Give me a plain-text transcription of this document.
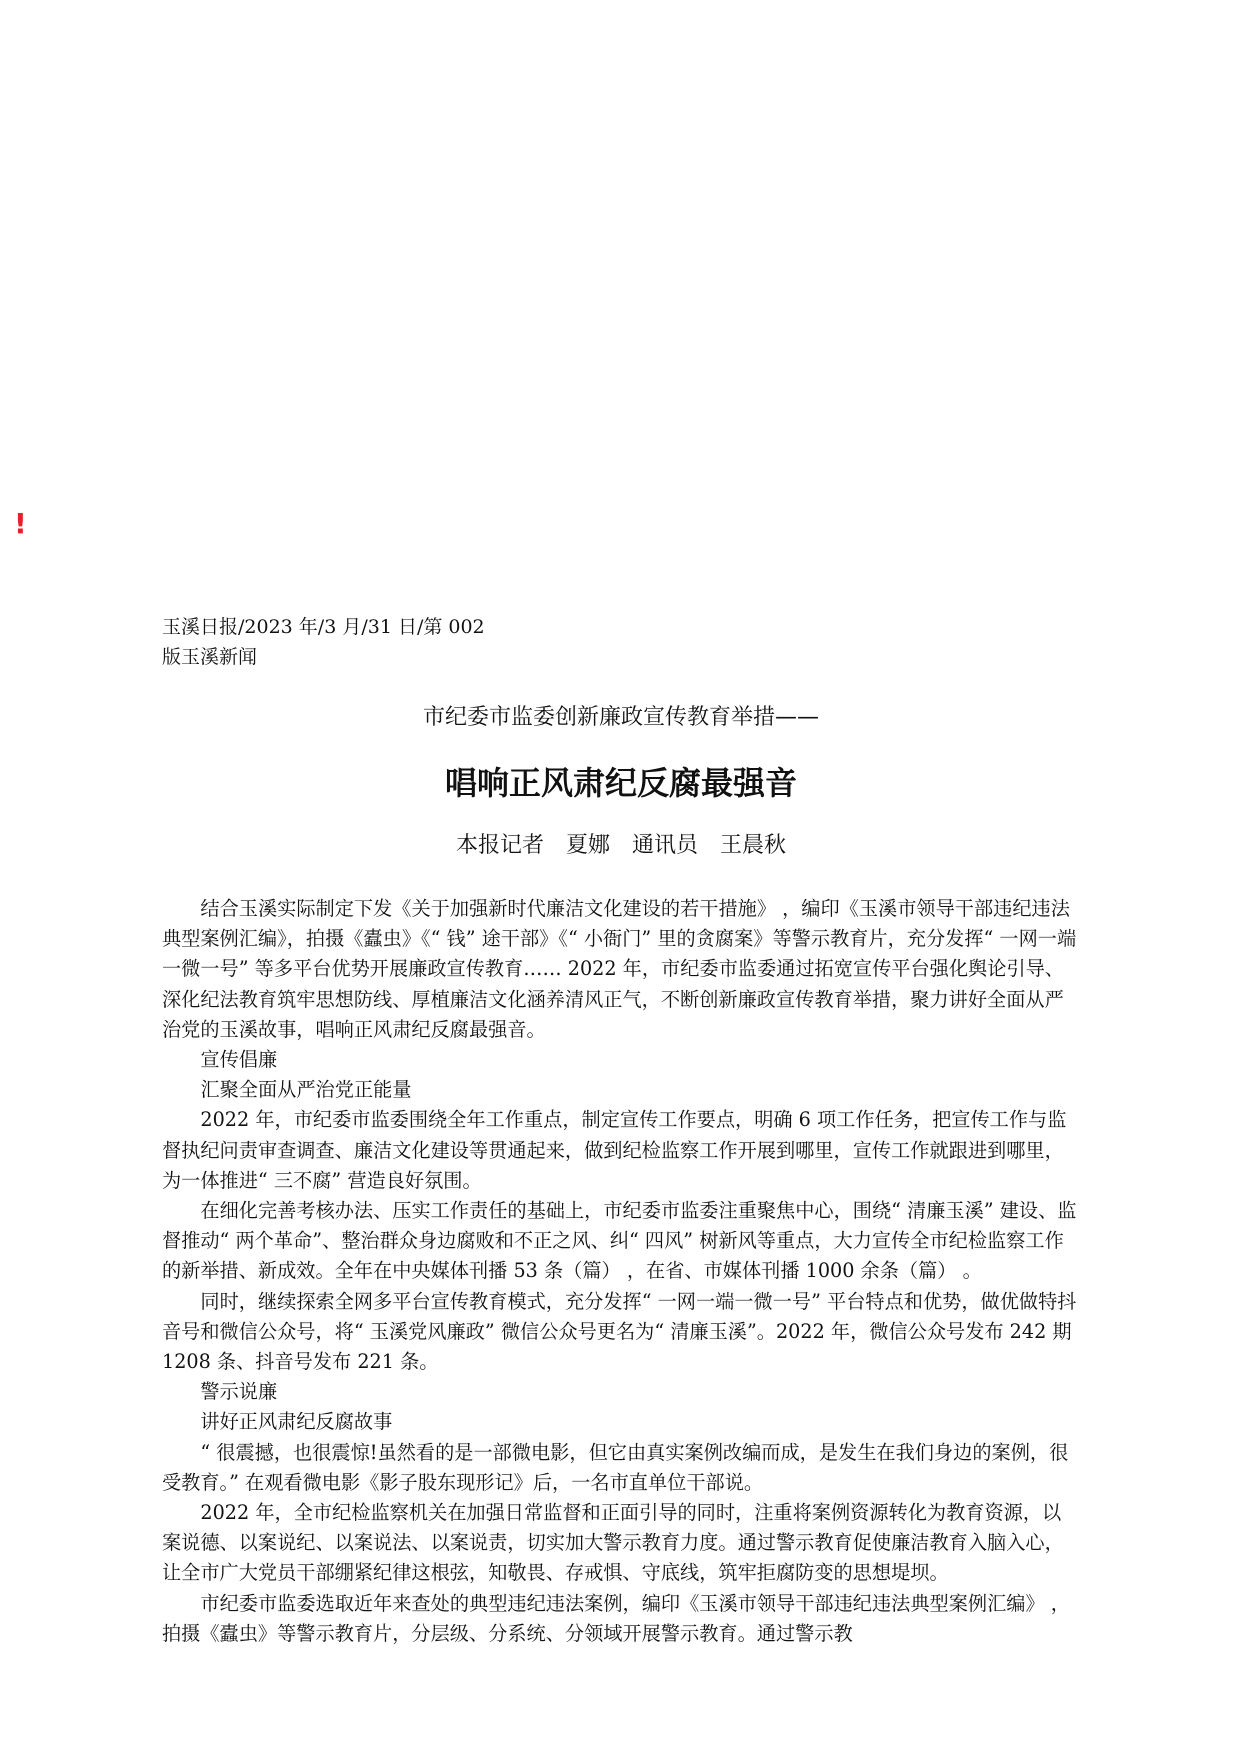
!
玉溪日报/2023 年/3 月/31 日/第 002 版玉溪新闻
市纪委市监委创新廉政宣传教育举措——
唱响正风肃纪反腐最强音
本报记者　夏娜　通讯员　王晨秋

结合玉溪实际制定下发《关于加强新时代廉洁文化建设的若干措施》 ，编印《玉溪市领导干部违纪违法典型案例汇编》，拍摄《蠹虫》《“ 钱” 途干部》《“ 小衙门” 里的贪腐案》等警示教育片，充分发挥“ 一网一端一微一号” 等多平台优势开展廉政宣传教育…… 2022 年，市纪委市监委通过拓宽宣传平台强化舆论引导、深化纪法教育筑牢思想防线、厚植廉洁文化涵养清风正气，不断创新廉政宣传教育举措，聚力讲好全面从严治党的玉溪故事，唱响正风肃纪反腐最强音。

宣传倡廉

汇聚全面从严治党正能量

2022 年，市纪委市监委围绕全年工作重点，制定宣传工作要点，明确 6 项工作任务，把宣传工作与监督执纪问责审查调查、廉洁文化建设等贯通起来，做到纪检监察工作开展到哪里，宣传工作就跟进到哪里，为一体推进“ 三不腐” 营造良好氛围。

在细化完善考核办法、压实工作责任的基础上，市纪委市监委注重聚焦中心，围绕“ 清廉玉溪” 建设、监督推动“ 两个革命”、整治群众身边腐败和不正之风、纠“ 四风” 树新风等重点，大力宣传全市纪检监察工作的新举措、新成效。全年在中央媒体刊播 53 条（篇） ，在省、市媒体刊播 1000 余条（篇） 。

同时，继续探索全网多平台宣传教育模式，充分发挥“ 一网一端一微一号” 平台特点和优势，做优做特抖音号和微信公众号，将“ 玉溪党风廉政” 微信公众号更名为“ 清廉玉溪”。2022 年，微信公众号发布 242 期 1208 条、抖音号发布 221 条。

警示说廉

讲好正风肃纪反腐故事

“ 很震撼，也很震惊!虽然看的是一部微电影，但它由真实案例改编而成，是发生在我们身边的案例，很受教育。” 在观看微电影《影子股东现形记》后，一名市直单位干部说。

2022 年，全市纪检监察机关在加强日常监督和正面引导的同时，注重将案例资源转化为教育资源，以案说德、以案说纪、以案说法、以案说责，切实加大警示教育力度。通过警示教育促使廉洁教育入脑入心，让全市广大党员干部绷紧纪律这根弦，知敬畏、存戒惧、守底线，筑牢拒腐防变的思想堤坝。

市纪委市监委选取近年来查处的典型违纪违法案例，编印《玉溪市领导干部违纪违法典型案例汇编》 ，拍摄《蠹虫》等警示教育片，分层级、分系统、分领域开展警示教育。通过警示教
